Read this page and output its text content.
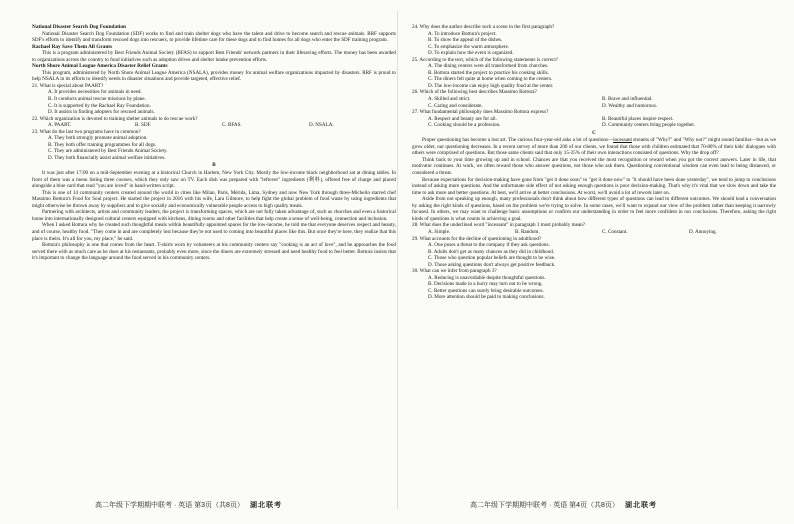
National Disaster Search Dog Foundation

National Disaster Search Dog Foundation (SDF) works to find and train shelter dogs who have the talent and drive to become search and rescue animals. RRF supports SDF's efforts to identify and transform rescued dogs into rescuers, to provide lifetime care for these dogs and to find homes for all dogs who enter the SDF training program.

Rachael Ray Save Them All Grants

This is a program administered by Best Friends Animal Society (BFAS) to support Best Friends' network partners in their lifesaving efforts. The money has been awarded to organizations across the country to fund initiatives such as adoption drives and shelter intake prevention efforts.

North Shore Animal League America Disaster Relief Grants

This program, administered by North Shore Animal League America (NSALA), provides money for animal welfare organizations impacted by disasters. RRF is proud to help NSALA in its efforts to identify needs in disaster situations and provide targeted, effective relief.

21. What is special about PAART?

A. It provides necessities for animals in need.

B. It conducts animal rescue missions by plane.

C. It is supported by the Rachael Ray Foundation.

D. It assists in finding adopters for rescued animals.

22. Which organization is devoted to training shelter animals to do rescue work?

A. PAART.	B. SDF.	C. BFAS.	D. NSALA.

23. What do the last two programs have in common?

A. They both strongly promote animal adoption.

B. They both offer training programmes for all dogs.

C. They are administered by Best Friends Animal Society.

D. They both financially assist animal welfare initiatives.

B

It was just after 17:00 on a mid-September evening at a historical Church in Harlem, New York City. Mostly the low-income black neighborhood sat at dining tables. In front of them was a menu listing three courses, which they only saw on TV. Each dish was prepared with "leftover" ingredients (剩料), offered free of charge and placed alongside a blue card that read "you are loved" in hand-written script.

This is one of 14 community centers created around the world in cities like Milan, Paris, Mérida, Lima, Sydney and now New York through three-Michelin starred chef Massimo Bottura's Food for Soul project. He started the project in 2016 with his wife, Lara Gilmore, to help fight the global problem of food waste by using ingredients that might otherwise be thrown away by suppliers and to give socially and economically vulnerable people access to high quality meals.

Partnering with architects, artists and community leaders, the project is transforming spaces, which are not fully taken advantage of, such as churches and even a historical home into internationally designed cultural centers equipped with kitchens, dining rooms and other facilities that help create a sense of well-being, connection and inclusion.

When I asked Bottura why he created such thoughtful meals within beautifully appointed spaces for the low-income, he told me that everyone deserves respect and beauty, and of course, healthy food. "They come in and are completely lost because they're not used to coming into beautiful places like this. But once they're here, they realize that this place is theirs. It's all for you, my place," he said.

Bottura's philosophy is one that comes from the heart. T-shirts worn by volunteers at his community centers say "cooking is an act of love", and he approaches the food served there with as much care as he does at his restaurants, probably even more, since the diners are extremely stressed and need healthy food to feel better. Bottura insists that it's important to change the language around the food served in his community centers.

24. Why does the author describe such a scene in the first paragraph?

A. To introduce Bottura's project.

B. To show the appeal of the dishes.

C. To emphasize the warm atmosphere.

D. To explain how the event is organized.

25. According to the text, which of the following statements is correct?

A. The dining centers were all transformed from churches.

B. Bottura started the project to practice his cooking skills.

C. The diners felt quite at home when coming to the centers.

D. The low-income can enjoy high quality food at the center.

26. Which of the following best describes Massimo Bottura?

A. Skilled and strict.	B. Brave and influential.
C. Caring and considerate.	D. Wealthy and humorous.

27. What fundamental philosophy does Massimo Bottura express?

A. Respect and beauty are for all.	B. Beautiful places inspire respect.
C. Cooking should be a profession.	D. Community centers bring people together.

C

Proper questioning has become a lost art. The curious four-year-old asks a lot of questions—incessant streams of "Why?" and "Why not?" might sound familiar—but as we grow older, our questioning decreases. In a recent survey of more than 200 of our clients, we found that those with children estimated that 70-80% of their kids' dialogues with others were comprised of questions. But those same clients said that only 15-25% of their own interactions consisted of questions. Why the drop off?

Think back to your time growing up and in school. Chances are that you received the most recognition or reward when you got the correct answers. Later in life, that motivator continues. At work, we often reward those who answer questions, not those who ask them. Questioning conventional wisdom can even lead to being distanced, or considered a threat.

Because expectations for decision-making have gone from "get it done soon" to "get it done now" to "it should have been done yesterday", we tend to jump to conclusions instead of asking more questions. And the unfortunate side effect of not asking enough questions is poor decision-making. That's why it's vital that we slow down and take the time to ask more and better questions. At best, we'll arrive at better conclusions. At worst, we'll avoid a lot of rework later on.

Aside from not speaking up enough, many professionals don't think about how different types of questions can lead to different outcomes. We should lead a conversation by asking the right kinds of questions, based on the problem we're trying to solve. In some cases, we'll want to expand our view of the problem rather than keeping it narrowly focused. In others, we may want to challenge basic assumptions or confirm our understanding in order to feel more confident in our conclusions. Therefore, asking the right kinds of questions is what counts in achieving a goal.

28. What does the underlined word "incessant" in paragraph 1 most probably mean?

A. Simple.	B. Random.	C. Constant.	D. Annoying.

29. What accounts for the decline of questioning in adulthood?

A. One poses a threat to the company if they ask questions.

B. Adults don't get as many chances as they did in childhood.

C. Those who question popular beliefs are thought to be wise.

D. Those asking questions don't always get positive feedback.

30. What can we infer from paragraph 3?

A. Reducing is unavoidable despite thoughtful questions.

B. Decisions made in a hurry may turn out to be wrong.

C. Better questions can surely bring desirable outcomes.

D. More attention should be paid to making conclusions.

高二年级下学期期中联考 · 英语 第3页（共8页） 湖北联考	高二年级下学期期中联考 · 英语 第4页（共8页） 湖北联考
